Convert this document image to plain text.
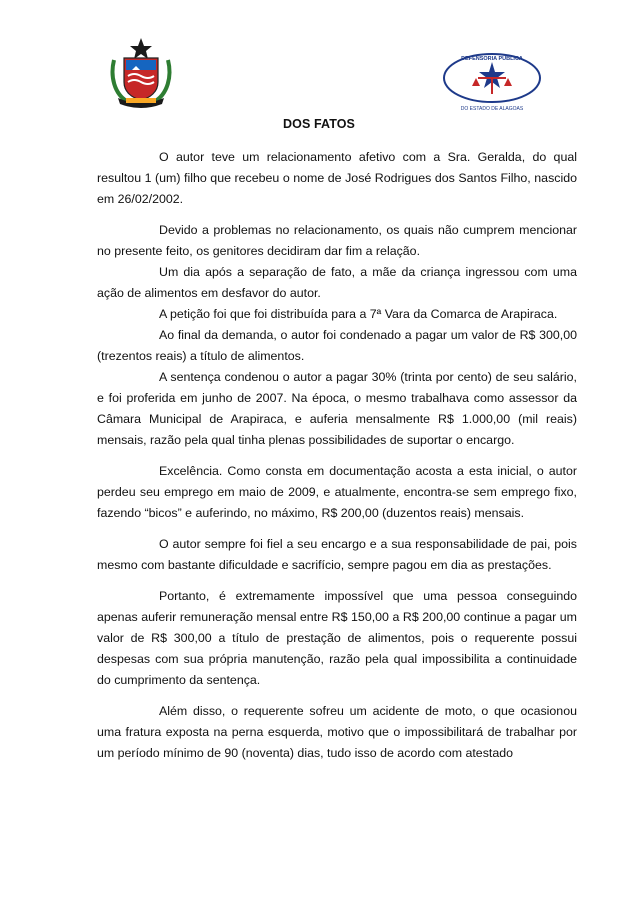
DEFENSORIA PÚBLICA
DO ESTADO DE ALAGOAS
DOS FATOS

O autor teve um relacionamento afetivo com a Sra. Geralda, do qual resultou 1 (um) filho que recebeu o nome de José Rodrigues dos Santos Filho, nascido em 26/02/2002.

Devido a problemas no relacionamento, os quais não cumprem mencionar no presente feito, os genitores decidiram dar fim a relação.

Um dia após a separação de fato, a mãe da criança ingressou com uma ação de alimentos em desfavor do autor.

A petição foi que foi distribuída para a 7ª Vara da Comarca de Arapiraca.

Ao final da demanda, o autor foi condenado a pagar um valor de R$ 300,00 (trezentos reais) a título de alimentos.

A sentença condenou o autor a pagar 30% (trinta por cento) de seu salário, e foi proferida em junho de 2007. Na época, o mesmo trabalhava como assessor da Câmara Municipal de Arapiraca, e auferia mensalmente R$ 1.000,00 (mil reais) mensais, razão pela qual tinha plenas possibilidades de suportar o encargo.

Excelência. Como consta em documentação acosta a esta inicial, o autor perdeu seu emprego em maio de 2009, e atualmente, encontra-se sem emprego fixo, fazendo “bicos” e auferindo, no máximo, R$ 200,00 (duzentos reais) mensais.

O autor sempre foi fiel a seu encargo e a sua responsabilidade de pai, pois mesmo com bastante dificuldade e sacrifício, sempre pagou em dia as prestações.

Portanto, é extremamente impossível que uma pessoa conseguindo apenas auferir remuneração mensal entre R$ 150,00 a R$ 200,00 continue a pagar um valor de R$ 300,00 a título de prestação de alimentos, pois o requerente possui despesas com sua própria manutenção, razão pela qual impossibilita a continuidade do cumprimento da sentença.

Além disso, o requerente sofreu um acidente de moto, o que ocasionou uma fratura exposta na perna esquerda, motivo que o impossibilitará de trabalhar por um período mínimo de 90 (noventa) dias, tudo isso de acordo com atestado
